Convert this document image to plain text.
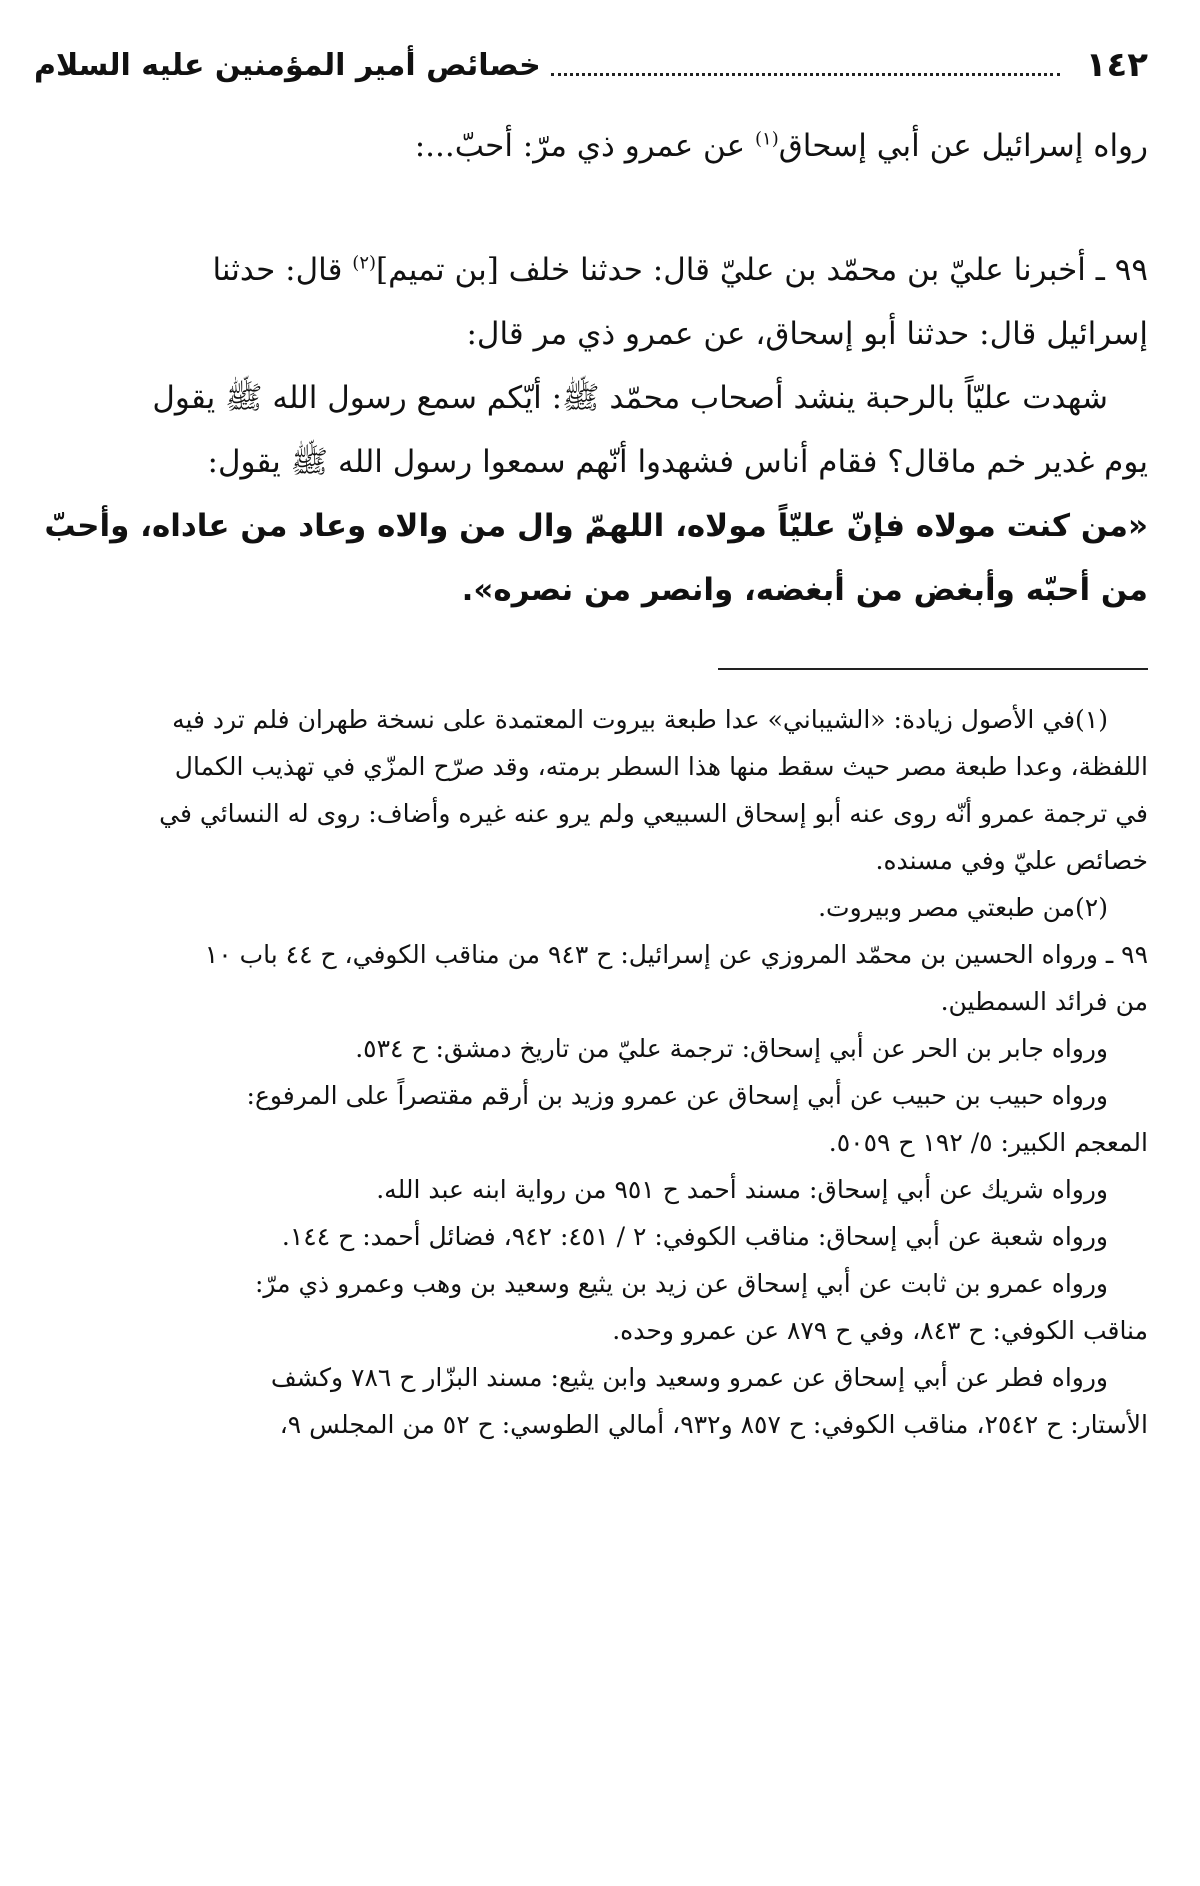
١٤٢
خصائص أمير المؤمنين عليه السلام
رواه إسرائيل عن أبي إسحاق$^{(١)}$ عن عمرو ذي مرّ: أحبّ...:
٩٩ ـ أخبرنا عليّ بن محمّد بن عليّ قال: حدثنا خلف [بن تميم]$^{(٢)}$ قال: حدثنا
إسرائيل قال: حدثنا أبو إسحاق، عن عمرو ذي مر قال:
شهدت عليّاً بالرحبة ينشد أصحاب محمّد ﷺ: أيّكم سمع رسول الله ﷺ يقول
يوم غدير خم ماقال؟ فقام أناس فشهدوا أنّهم سمعوا رسول الله ﷺ يقول:
«من كنت مولاه فإنّ عليّاً مولاه، اللهمّ وال من والاه وعاد من عاداه، وأحبّ
من أحبّه وأبغض من أبغضه، وانصر من نصره».
(١)في الأصول زيادة: «الشيباني» عدا طبعة بيروت المعتمدة على نسخة طهران فلم ترد فيه
اللفظة، وعدا طبعة مصر حيث سقط منها هذا السطر برمته، وقد صرّح المزّي في تهذيب الكمال
في ترجمة عمرو أنّه روى عنه أبو إسحاق السبيعي ولم يرو عنه غيره وأضاف: روى له النسائي في
خصائص عليّ وفي مسنده.
(٢)من طبعتي مصر وبيروت.
٩٩ ـ ورواه الحسين بن محمّد المروزي عن إسرائيل: ح ٩٤٣ من مناقب الكوفي، ح ٤٤ باب ١٠
من فرائد السمطين.
ورواه جابر بن الحر عن أبي إسحاق: ترجمة عليّ من تاريخ دمشق: ح ٥٣٤.
ورواه حبيب بن حبيب عن أبي إسحاق عن عمرو وزيد بن أرقم مقتصراً على المرفوع:
المعجم الكبير: ٥/ ١٩٢ ح ٥٠٥٩.
ورواه شريك عن أبي إسحاق: مسند أحمد ح ٩٥١ من رواية ابنه عبد الله.
ورواه شعبة عن أبي إسحاق: مناقب الكوفي: ٢ / ٤٥١: ٩٤٢، فضائل أحمد: ح ١٤٤.
ورواه عمرو بن ثابت عن أبي إسحاق عن زيد بن يثيع وسعيد بن وهب وعمرو ذي مرّ:
مناقب الكوفي: ح ٨٤٣، وفي ح ٨٧٩ عن عمرو وحده.
ورواه فطر عن أبي إسحاق عن عمرو وسعيد وابن يثيع: مسند البزّار ح ٧٨٦ وكشف
الأستار: ح ٢٥٤٢، مناقب الكوفي: ح ٨٥٧ و٩٣٢، أمالي الطوسي: ح ٥٢ من المجلس ٩،
